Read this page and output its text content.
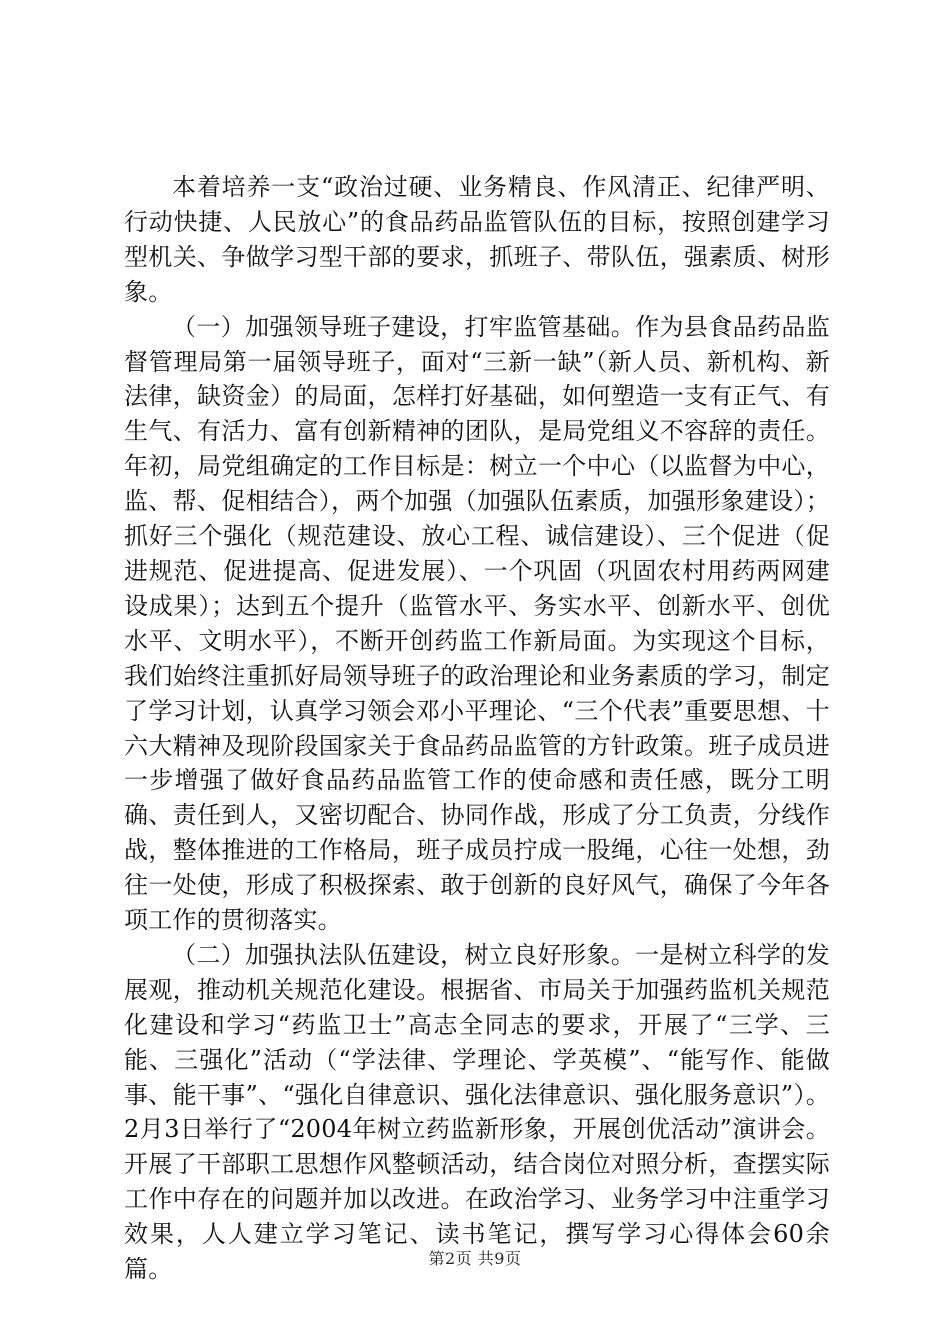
本着培养一支“政治过硬、业务精良、作风清正、纪律严明、行动快捷、人民放心”的食品药品监管队伍的目标，按照创建学习型机关、争做学习型干部的要求，抓班子、带队伍，强素质、树形象。

（一）加强领导班子建设，打牢监管基础。作为县食品药品监督管理局第一届领导班子，面对“三新一缺”（新人员、新机构、新法律，缺资金）的局面，怎样打好基础，如何塑造一支有正气、有生气、有活力、富有创新精神的团队，是局党组义不容辞的责任。年初，局党组确定的工作目标是：树立一个中心（以监督为中心，监、帮、促相结合），两个加强（加强队伍素质，加强形象建设）；抓好三个强化（规范建设、放心工程、诚信建设）、三个促进（促进规范、促进提高、促进发展）、一个巩固（巩固农村用药两网建设成果）；达到五个提升（监管水平、务实水平、创新水平、创优水平、文明水平），不断开创药监工作新局面。为实现这个目标，我们始终注重抓好局领导班子的政治理论和业务素质的学习，制定了学习计划，认真学习领会邓小平理论、“三个代表”重要思想、十六大精神及现阶段国家关于食品药品监管的方针政策。班子成员进一步增强了做好食品药品监管工作的使命感和责任感，既分工明确、责任到人，又密切配合、协同作战，形成了分工负责，分线作战，整体推进的工作格局，班子成员拧成一股绳，心往一处想，劲往一处使，形成了积极探索、敢于创新的良好风气，确保了今年各项工作的贯彻落实。

（二）加强执法队伍建设，树立良好形象。一是树立科学的发展观，推动机关规范化建设。根据省、市局关于加强药监机关规范化建设和学习“药监卫士”高志全同志的要求，开展了“三学、三能、三强化”活动（“学法律、学理论、学英模”、“能写作、能做事、能干事”、“强化自律意识、强化法律意识、强化服务意识”）。2月3日举行了“2004年树立药监新形象，开展创优活动”演讲会。开展了干部职工思想作风整顿活动，结合岗位对照分析，查摆实际工作中存在的问题并加以改进。在政治学习、业务学习中注重学习效果，人人建立学习笔记、读书笔记，撰写学习心得体会60余篇。	第2页 共9页
